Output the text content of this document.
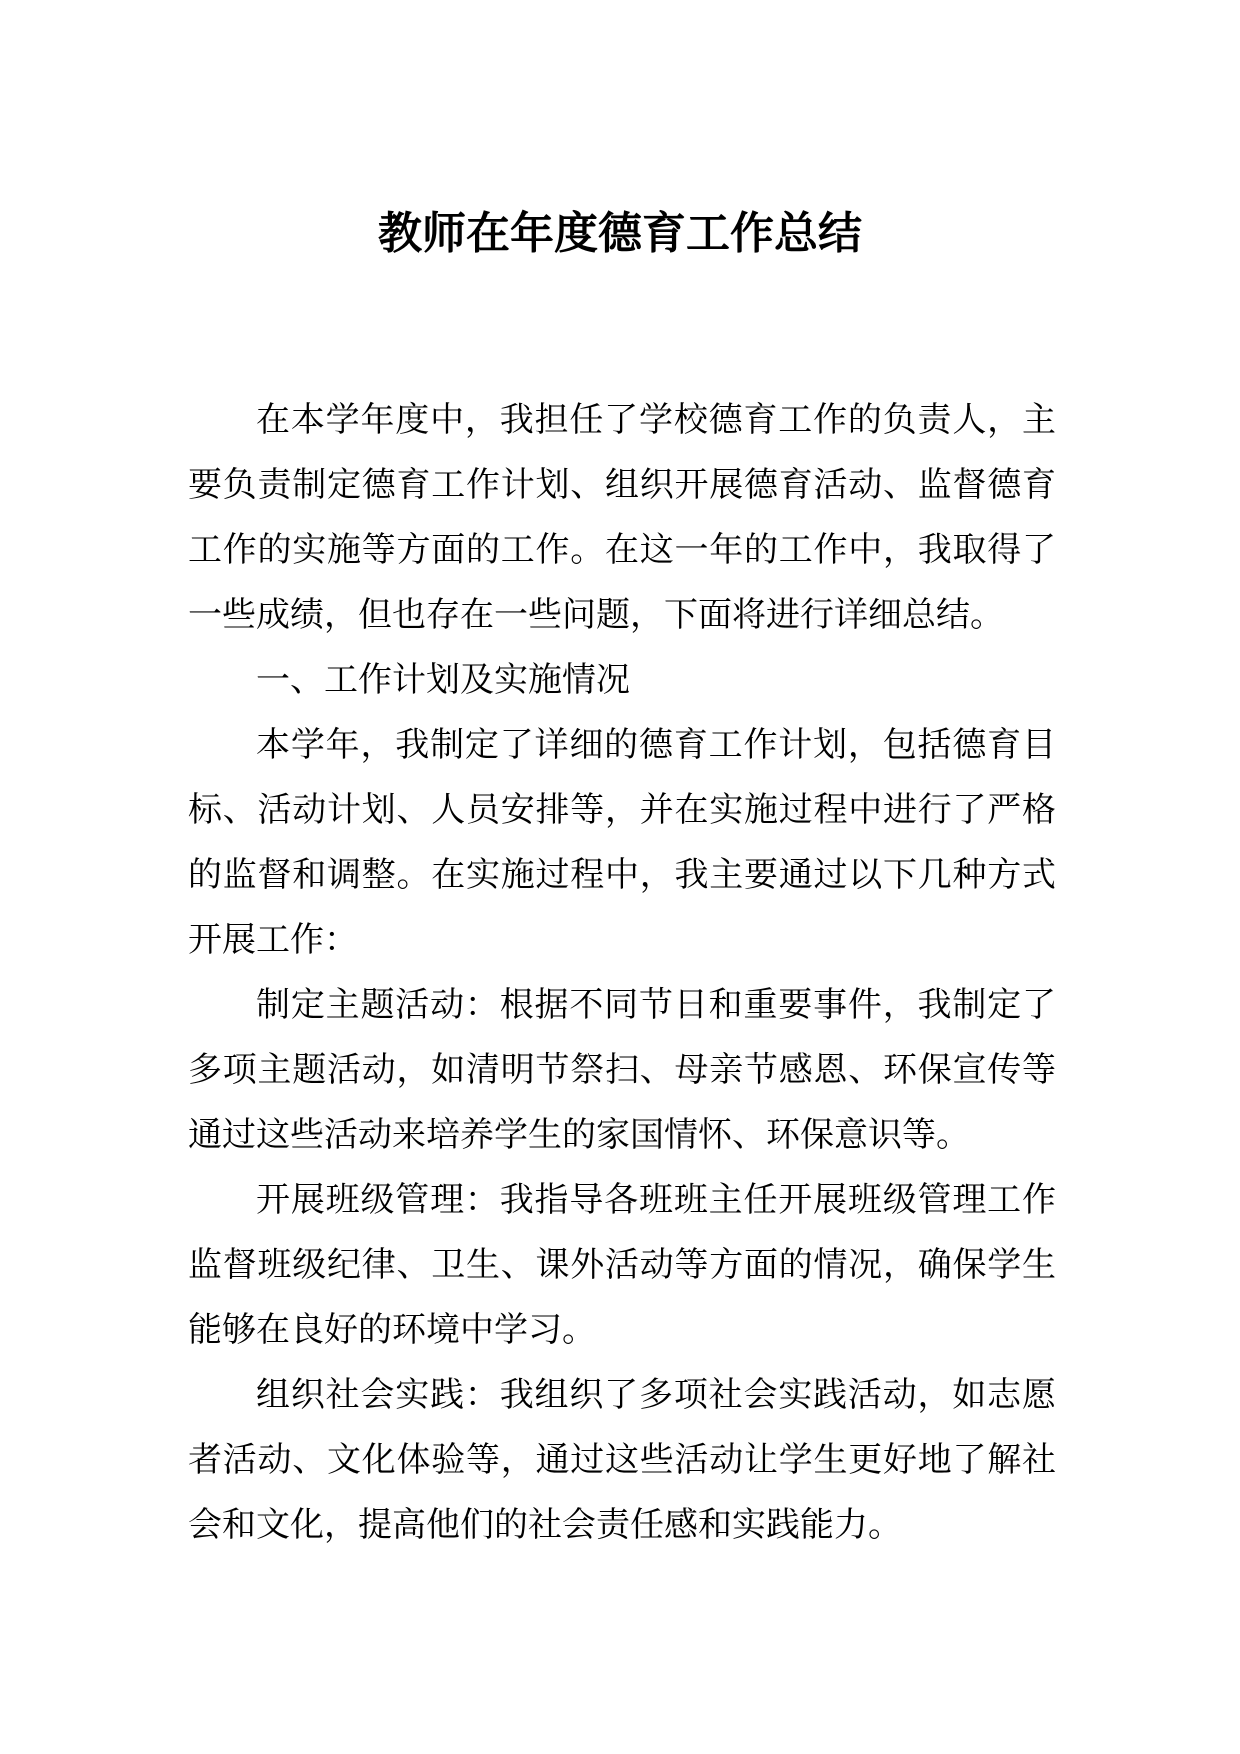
教师在年度德育工作总结

在本学年度中，我担任了学校德育工作的负责人，主要负责制定德育工作计划、组织开展德育活动、监督德育工作的实施等方面的工作。在这一年的工作中，我取得了一些成绩，但也存在一些问题，下面将进行详细总结。

一、工作计划及实施情况

本学年，我制定了详细的德育工作计划，包括德育目标、活动计划、人员安排等，并在实施过程中进行了严格的监督和调整。在实施过程中，我主要通过以下几种方式开展工作：

制定主题活动：根据不同节日和重要事件，我制定了多项主题活动，如清明节祭扫、母亲节感恩、环保宣传等通过这些活动来培养学生的家国情怀、环保意识等。

开展班级管理：我指导各班班主任开展班级管理工作监督班级纪律、卫生、课外活动等方面的情况，确保学生能够在良好的环境中学习。

组织社会实践：我组织了多项社会实践活动，如志愿者活动、文化体验等，通过这些活动让学生更好地了解社会和文化，提高他们的社会责任感和实践能力。
